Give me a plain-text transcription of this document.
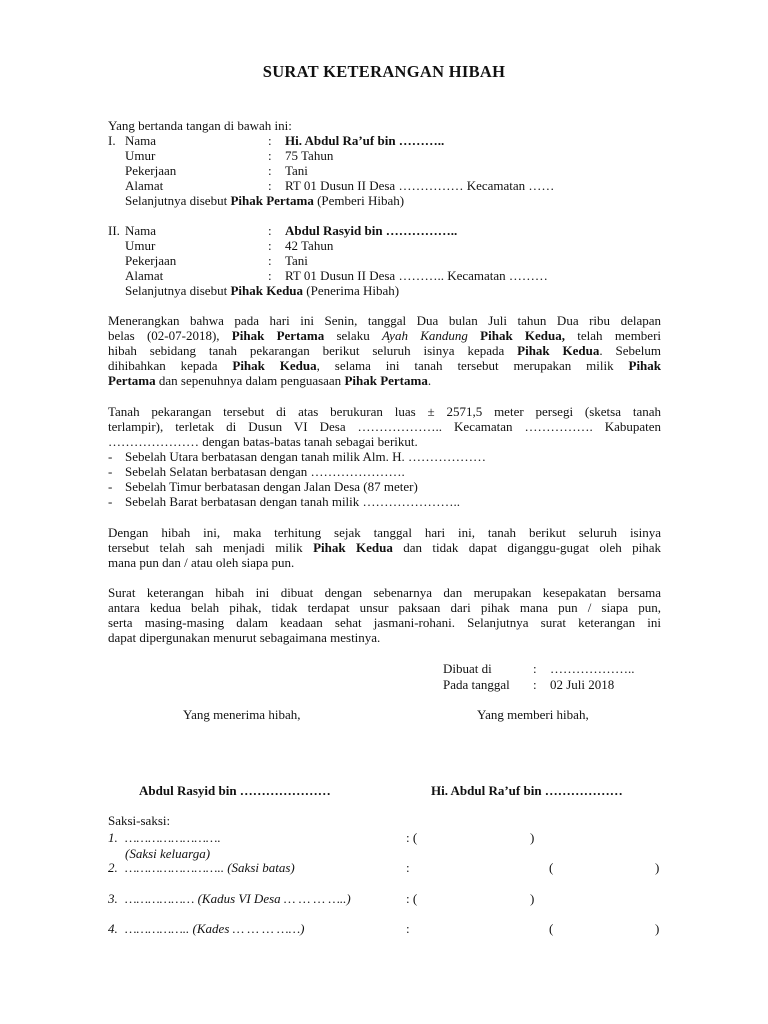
SURAT KETERANGAN HIBAH
Yang bertanda tangan di bawah ini:
I. Nama	: Hi. Abdul Ra’uf bin ………..
Umur	: 75 Tahun
Pekerjaan	: Tani
Alamat	: RT 01 Dusun II Desa …………… Kecamatan ……
Selanjutnya disebut Pihak Pertama (Pemberi Hibah)
II. Nama	: Abdul Rasyid bin ……………..
Umur	: 42 Tahun
Pekerjaan	: Tani
Alamat	: RT 01 Dusun II Desa ……….. Kecamatan ………
Selanjutnya disebut Pihak Kedua (Penerima Hibah)
Menerangkan bahwa pada hari ini Senin, tanggal Dua bulan Juli tahun Dua ribu delapan
belas (02-07-2018), Pihak Pertama selaku Ayah Kandung Pihak Kedua, telah memberi
hibah sebidang tanah pekarangan berikut seluruh isinya kepada Pihak Kedua. Sebelum
dihibahkan kepada Pihak Kedua, selama ini tanah tersebut merupakan milik Pihak
Pertama dan sepenuhnya dalam penguasaan Pihak Pertama.
Tanah pekarangan tersebut di atas berukuran luas ± 2571,5 meter persegi (sketsa tanah
terlampir), terletak di Dusun VI Desa ……………….. Kecamatan ……………. Kabupaten
………………… dengan batas-batas tanah sebagai berikut.
- Sebelah Utara berbatasan dengan tanah milik Alm. H. ………………
- Sebelah Selatan berbatasan dengan ………………….
- Sebelah Timur berbatasan dengan Jalan Desa (87 meter)
- Sebelah Barat berbatasan dengan tanah milik …………………..
Dengan hibah ini, maka terhitung sejak tanggal hari ini, tanah berikut seluruh isinya
tersebut telah sah menjadi milik Pihak Kedua dan tidak dapat diganggu-gugat oleh pihak
mana pun dan / atau oleh siapa pun.
Surat keterangan hibah ini dibuat dengan sebenarnya dan merupakan kesepakatan bersama
antara kedua belah pihak, tidak terdapat unsur paksaan dari pihak mana pun / siapa pun,
serta masing-masing dalam keadaan sehat jasmani-rohani. Selanjutnya surat keterangan ini
dapat dipergunakan menurut sebagaimana mestinya.
Dibuat di	: ………………..
Pada tanggal : 02 Juli 2018
Yang menerima hibah,	Yang memberi hibah,
Abdul Rasyid bin …………………	Hi. Abdul Ra’uf bin ………………
Saksi-saksi:
1. …………………….	: (	)
(Saksi keluarga)
2. …………………….. (Saksi batas)	:	(	)
3. ……………… (Kadus VI Desa … … … …..)	: (	)
4. …………….. (Kades … … … ……)	:	(	)
